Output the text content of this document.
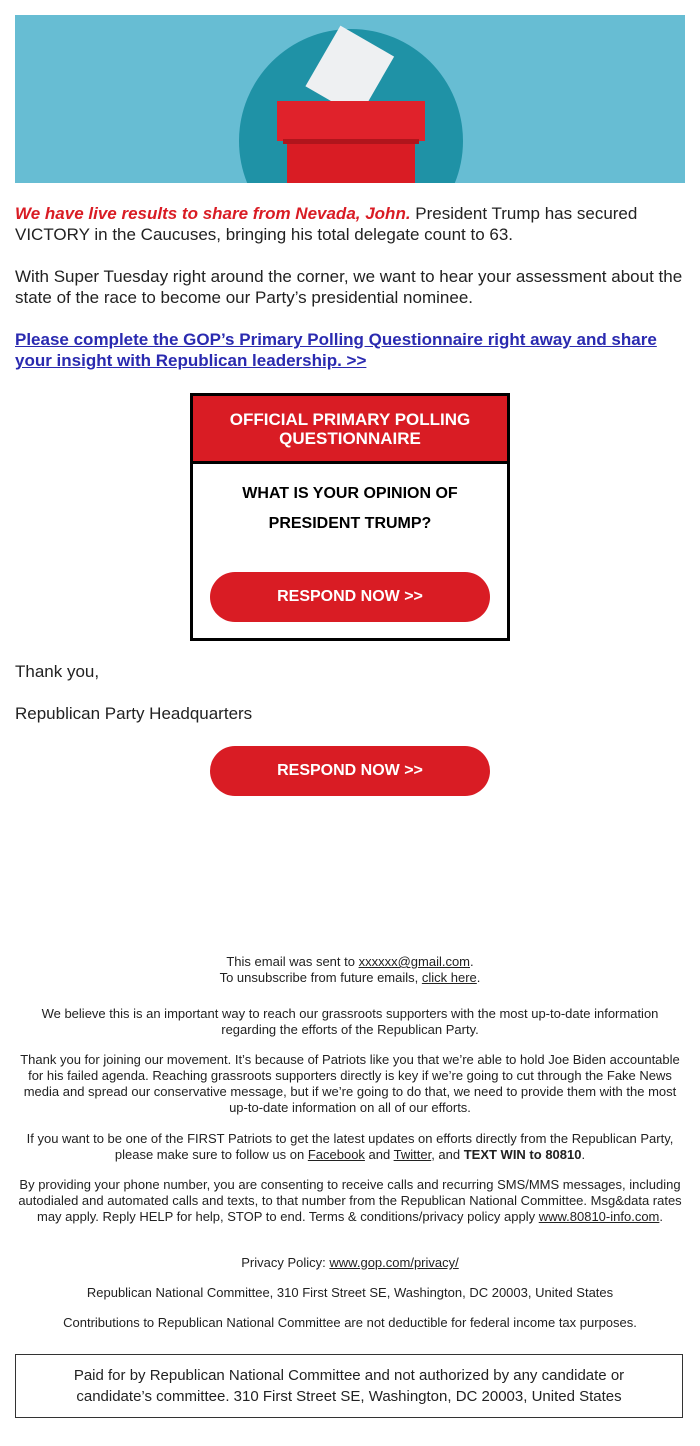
We have live results to share from Nevada, John. President Trump has secured VICTORY in the Caucuses, bringing his total delegate count to 63.
With Super Tuesday right around the corner, we want to hear your assessment about the state of the race to become our Party’s presidential nominee.
Please complete the GOP’s Primary Polling Questionnaire right away and share your insight with Republican leadership. >>
OFFICIAL PRIMARY POLLING QUESTIONNAIRE
WHAT IS YOUR OPINION OF PRESIDENT TRUMP?
RESPOND NOW >>
Thank you,
Republican Party Headquarters
RESPOND NOW >>
This email was sent to xxxxxx@gmail.com.
To unsubscribe from future emails, click here.
We believe this is an important way to reach our grassroots supporters with the most up-to-date information regarding the efforts of the Republican Party.
Thank you for joining our movement. It’s because of Patriots like you that we’re able to hold Joe Biden accountable for his failed agenda. Reaching grassroots supporters directly is key if we’re going to cut through the Fake News media and spread our conservative message, but if we’re going to do that, we need to provide them with the most up-to-date information on all of our efforts.
If you want to be one of the FIRST Patriots to get the latest updates on efforts directly from the Republican Party, please make sure to follow us on Facebook and Twitter, and TEXT WIN to 80810.
By providing your phone number, you are consenting to receive calls and recurring SMS/MMS messages, including autodialed and automated calls and texts, to that number from the Republican National Committee. Msg&data rates may apply. Reply HELP for help, STOP to end. Terms & conditions/privacy policy apply www.80810-info.com.
Privacy Policy: www.gop.com/privacy/
Republican National Committee, 310 First Street SE, Washington, DC 20003, United States
Contributions to Republican National Committee are not deductible for federal income tax purposes.
Paid for by Republican National Committee and not authorized by any candidate or candidate’s committee. 310 First Street SE, Washington, DC 20003, United States
